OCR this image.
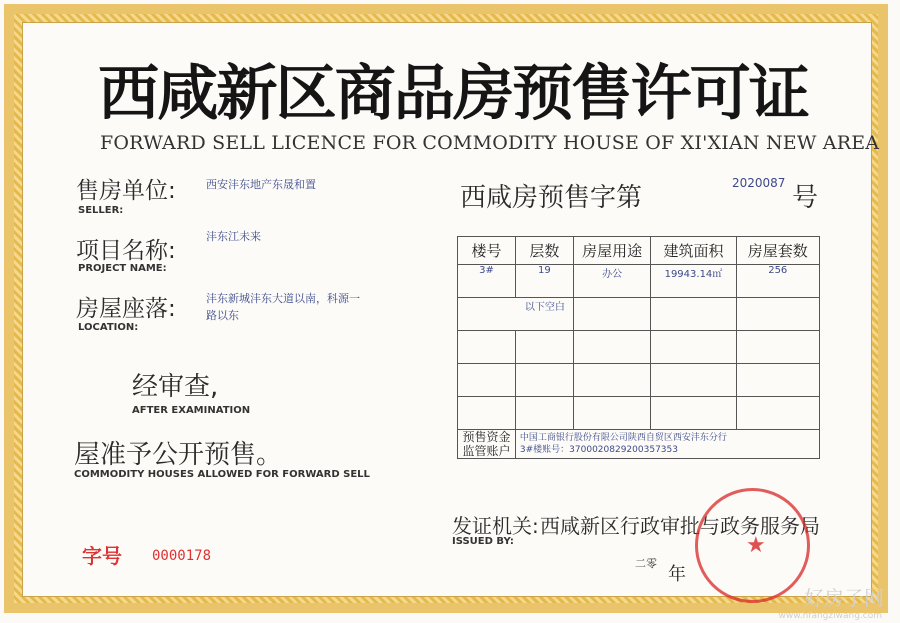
西咸新区商品房预售许可证
FORWARD SELL LICENCE FOR COMMODITY HOUSE OF XI'XIAN NEW AREA
售房单位:
SELLER:
西安沣东地产东晟和置	西咸房预售字第	2020087 号
项目名称:
PROJECT NAME:
沣东江未来
房屋座落:
LOCATION:
沣东新城沣东大道以南，科源一
路以东
经审查,
AFTER EXAMINATION
屋 准予公开预售。
COMMODITY HOUSES ALLOWED FOR FORWARD SELL
楼号	层数	房屋用途	建筑面积	房屋套数
3#	19	办公	19943.14㎡	256
以下空白				

预售资金监管账户	中国工商银行股份有限公司陕西自贸区西安沣东分行
3#楼账号：3700020829200357353			
发证机关:
ISSUED BY:
西咸新区行政审批与政务服务局
二零
年
★
字号 0000178
好房子网
www.hfangziwang.com
